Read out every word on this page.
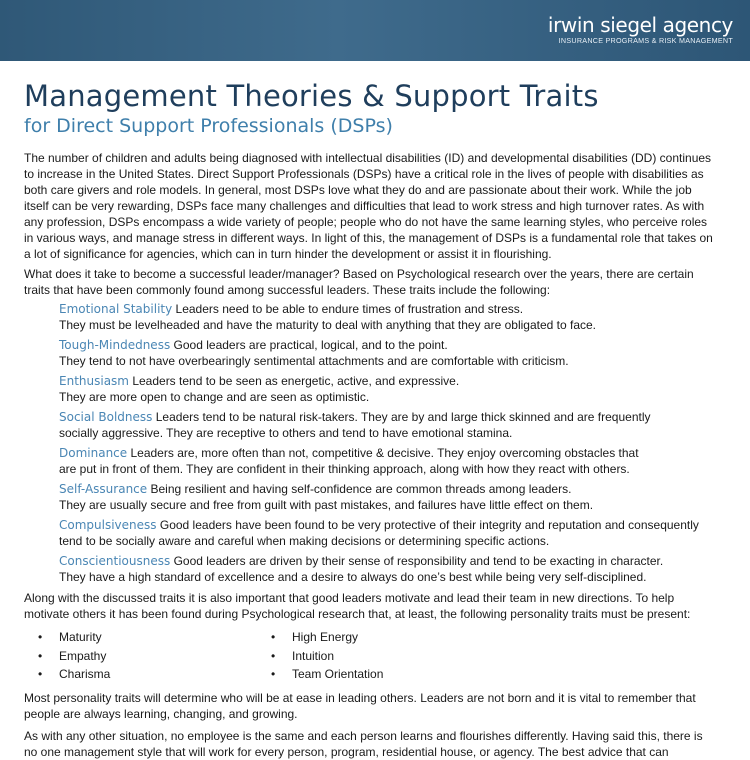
irwin siegel agency
INSURANCE PROGRAMS & RISK MANAGEMENT
Management Theories & Support Traits
for Direct Support Professionals (DSPs)

The number of children and adults being diagnosed with intellectual disabilities (ID) and developmental disabilities (DD) continues to increase in the United States. Direct Support Professionals (DSPs) have a critical role in the lives of people with disabilities as both care givers and role models. In general, most DSPs love what they do and are passionate about their work. While the job itself can be very rewarding, DSPs face many challenges and difficulties that lead to work stress and high turnover rates. As with any profession, DSPs encompass a wide variety of people; people who do not have the same learning styles, who perceive roles in various ways, and manage stress in different ways. In light of this, the management of DSPs is a fundamental role that takes on a lot of significance for agencies, which can in turn hinder the development or assist it in flourishing.

What does it take to become a successful leader/manager? Based on Psychological research over the years, there are certain traits that have been commonly found among successful leaders. These traits include the following:

Emotional Stability Leaders need to be able to endure times of frustration and stress.
They must be levelheaded and have the maturity to deal with anything that they are obligated to face.
Tough-Mindedness Good leaders are practical, logical, and to the point.
They tend to not have overbearingly sentimental attachments and are comfortable with criticism.
Enthusiasm Leaders tend to be seen as energetic, active, and expressive.
They are more open to change and are seen as optimistic.
Social Boldness Leaders tend to be natural risk-takers. They are by and large thick skinned and are frequently
socially aggressive. They are receptive to others and tend to have emotional stamina.
Dominance Leaders are, more often than not, competitive & decisive. They enjoy overcoming obstacles that
are put in front of them. They are confident in their thinking approach, along with how they react with others.
Self-Assurance Being resilient and having self-confidence are common threads among leaders.
They are usually secure and free from guilt with past mistakes, and failures have little effect on them.
Compulsiveness Good leaders have been found to be very protective of their integrity and reputation and consequently
tend to be socially aware and careful when making decisions or determining specific actions.
Conscientiousness Good leaders are driven by their sense of responsibility and tend to be exacting in character.
They have a high standard of excellence and a desire to always do one’s best while being very self-disciplined.

Along with the discussed traits it is also important that good leaders motivate and lead their team in new directions. To help motivate others it has been found during Psychological research that, at least, the following personality traits must be present:

• Maturity
• Empathy
• Charisma
• High Energy
• Intuition
• Team Orientation

Most personality traits will determine who will be at ease in leading others. Leaders are not born and it is vital to remember that people are always learning, changing, and growing.

As with any other situation, no employee is the same and each person learns and flourishes differently. Having said this, there is no one management style that will work for every person, program, residential house, or agency. The best advice that can
